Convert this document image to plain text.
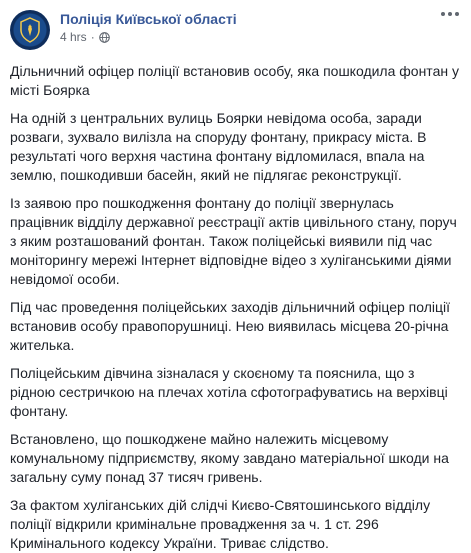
Поліція Київської області
4 hrs ·

Дільничний офіцер поліції встановив особу, яка пошкодила фонтан у місті Боярка

На одній з центральних вулиць Боярки невідома особа, заради розваги, зухвало вилізла на споруду фонтану, прикрасу міста. В результаті чого верхня частина фонтану відломилася, впала на землю, пошкодивши басейн, який не підлягає реконструкції.

Із заявою про пошкодження фонтану до поліції звернулась працівник відділу державної реєстрації актів цивільного стану, поруч з яким розташований фонтан. Також поліцейські виявили під час моніторингу мережі Інтернет відповідне відео з хуліганськими діями невідомої особи.

Під час проведення поліцейських заходів дільничний офіцер поліції встановив особу правопорушниці. Нею виявилась місцева 20-річна жителька.

Поліцейським дівчина зізналася у скоєному та пояснила, що з рідною сестричкою на плечах хотіла сфотографуватись на верхівці фонтану.

Встановлено, що пошкоджене майно належить місцевому комунальному підприємству, якому завдано матеріальної шкоди на загальну суму понад 37 тисяч гривень.

За фактом хуліганських дій слідчі Києво-Святошинського відділу поліції відкрили кримінальне провадження за ч. 1 ст. 296 Кримінального кодексу України. Триває слідство.
